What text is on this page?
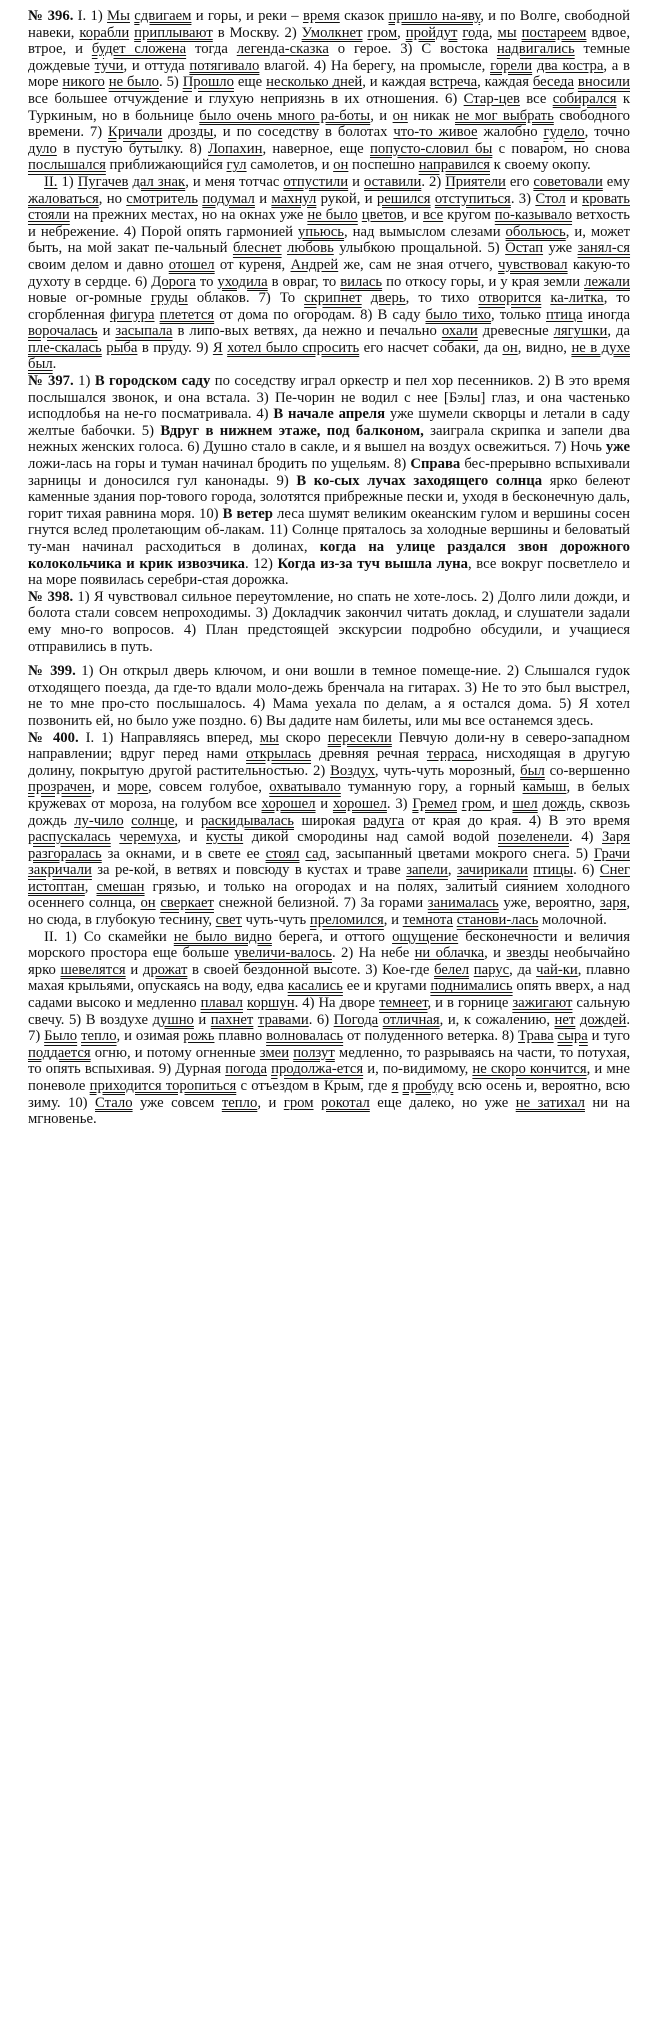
№ 396. I. 1) Мы сдвигаем и горы, и реки – время сказок пришло на-яву, и по Волге, свободной навеки, корабли приплывают в Москву. 2) Умолкнет гром, пройдут года, мы постареем вдвое, втрое, и будет сложена тогда легенда-сказка о герое. 3) С востока надвигались темные дождевые тучи, и оттуда потягивало влагой. 4) На берегу, на промысле, горели два костра, а в море никого не было. 5) Прошло еще несколько дней, и каждая встреча, каждая беседа вносили все большее отчуждение и глухую неприязнь в их отношения. 6) Стар-цев все собирался к Туркиным, но в больнице было очень много ра-боты, и он никак не мог выбрать свободного времени. 7) Кричали дрозды, и по соседству в болотах что-то живое жалобно гудело, точно дуло в пустую бутылку. 8) Лопахин, наверное, еще попусто-словил бы с поваром, но снова послышался приближающийся гул самолетов, и он поспешно направился к своему окопу.

II. 1) Пугачев дал знак, и меня тотчас отпустили и оставили. 2) Приятели его советовали ему жаловаться, но смотритель подумал и махнул рукой, и решился отступиться. 3) Стол и кровать стояли на прежних местах, но на окнах уже не было цветов, и все кругом по-казывало ветхость и небрежение. 4) Порой опять гармонией упьюсь, над вымыслом слезами обольюсь, и, может быть, на мой закат пе-чальный блеснет любовь улыбкою прощальной. 5) Остап уже занял-ся своим делом и давно отошел от куреня, Андрей же, сам не зная отчего, чувствовал какую-то духоту в сердце. 6) Дорога то уходила в овраг, то вилась по откосу горы, и у края земли лежали новые ог-ромные груды облаков. 7) То скрипнет дверь, то тихо отворится ка-литка, то сгорбленная фигура плетется от дома по огородам. 8) В саду было тихо, только птица иногда ворочалась и засыпала в липо-вых ветвях, да нежно и печально охали древесные лягушки, да пле-скалась рыба в пруду. 9) Я хотел было спросить его насчет собаки, да он, видно, не в духе был.

№ 397. 1) В городском саду по соседству играл оркестр и пел хор песенников. 2) В это время послышался звонок, и она встала. 3) Пе-чорин не водил с нее [Бэлы] глаз, и она частенько исподлобья на не-го посматривала. 4) В начале апреля уже шумели скворцы и летали в саду желтые бабочки. 5) Вдруг в нижнем этаже, под балконом, заиграла скрипка и запели два нежных женских голоса. 6) Душно стало в сакле, и я вышел на воздух освежиться. 7) Ночь уже ложи-лась на горы и туман начинал бродить по ущельям. 8) Справа бес-прерывно вспыхивали зарницы и доносился гул канонады. 9) В ко-сых лучах заходящего солнца ярко белеют каменные здания пор-тового города, золотятся прибрежные пески и, уходя в бесконечную даль, горит тихая равнина моря. 10) В ветер леса шумят великим океанским гулом и вершины сосен гнутся вслед пролетающим об-лакам. 11) Солнце пряталось за холодные вершины и беловатый ту-ман начинал расходиться в долинах, когда на улице раздался звон дорожного колокольчика и крик извозчика. 12) Когда из-за туч вышла луна, все вокруг посветлело и на море появилась серебри-стая дорожка.

№ 398. 1) Я чувствовал сильное переутомление, но спать не хоте-лось. 2) Долго лили дожди, и болота стали совсем непроходимы. 3) Докладчик закончил читать доклад, и слушатели задали ему мно-го вопросов. 4) План предстоящей экскурсии подробно обсудили, и учащиеся отправились в путь.

№ 399. 1) Он открыл дверь ключом, и они вошли в темное помеще-ние. 2) Слышался гудок отходящего поезда, да где-то вдали моло-дежь бренчала на гитарах. 3) Не то это был выстрел, не то мне про-сто послышалось. 4) Мама уехала по делам, а я остался дома. 5) Я хотел позвонить ей, но было уже поздно. 6) Вы дадите нам билеты, или мы все останемся здесь.

№ 400. I. 1) Направляясь вперед, мы скоро пересекли Певчую доли-ну в северо-западном направлении; вдруг перед нами открылась древняя речная терраса, нисходящая в другую долину, покрытую другой растительностью. 2) Воздух, чуть-чуть морозный, был со-вершенно прозрачен, и море, совсем голубое, охватывало туманную гору, а горный камыш, в белых кружевах от мороза, на голубом все хорошел и хорошел. 3) Гремел гром, и шел дождь, сквозь дождь лу-чило солнце, и раскидывалась широкая радуга от края до края. 4) В это время распускалась черемуха, и кусты дикой смородины над самой водой позеленели. 4) Заря разгоралась за окнами, и в свете ее стоял сад, засыпанный цветами мокрого снега. 5) Грачи закричали за ре-кой, в ветвях и повсюду в кустах и траве запели, зачирикали птицы. 6) Снег истоптан, смешан грязью, и только на огородах и на полях, залитый сиянием холодного осеннего солнца, он сверкает снежной белизной. 7) За горами занималась уже, вероятно, заря, но сюда, в глубокую теснину, свет чуть-чуть преломился, и темнота станови-лась молочной.

II. 1) Со скамейки не было видно берега, и оттого ощущение бесконечности и величия морского простора еще больше увеличи-валось. 2) На небе ни облачка, и звезды необычайно ярко шевелятся и дрожат в своей бездонной высоте. 3) Кое-где белел парус, да чай-ки, плавно махая крыльями, опускаясь на воду, едва касались ее и кругами поднимались опять вверх, а над садами высоко и медленно плавал коршун. 4) На дворе темнеет, и в горнице зажигают сальную свечу. 5) В воздухе душно и пахнет травами. 6) Погода отличная, и, к сожалению, нет дождей. 7) Было тепло, и озимая рожь плавно волновалась от полуденного ветерка. 8) Трава сыра и туго поддается огню, и потому огненные змеи ползут медленно, то разрываясь на части, то потухая, то опять вспыхивая. 9) Дурная погода продолжа-ется и, по-видимому, не скоро кончится, и мне поневоле приходится торопиться с отъездом в Крым, где я пробуду всю осень и, вероятно, всю зиму. 10) Стало уже совсем тепло, и гром рокотал еще далеко, но уже не затихал ни на мгновенье.
